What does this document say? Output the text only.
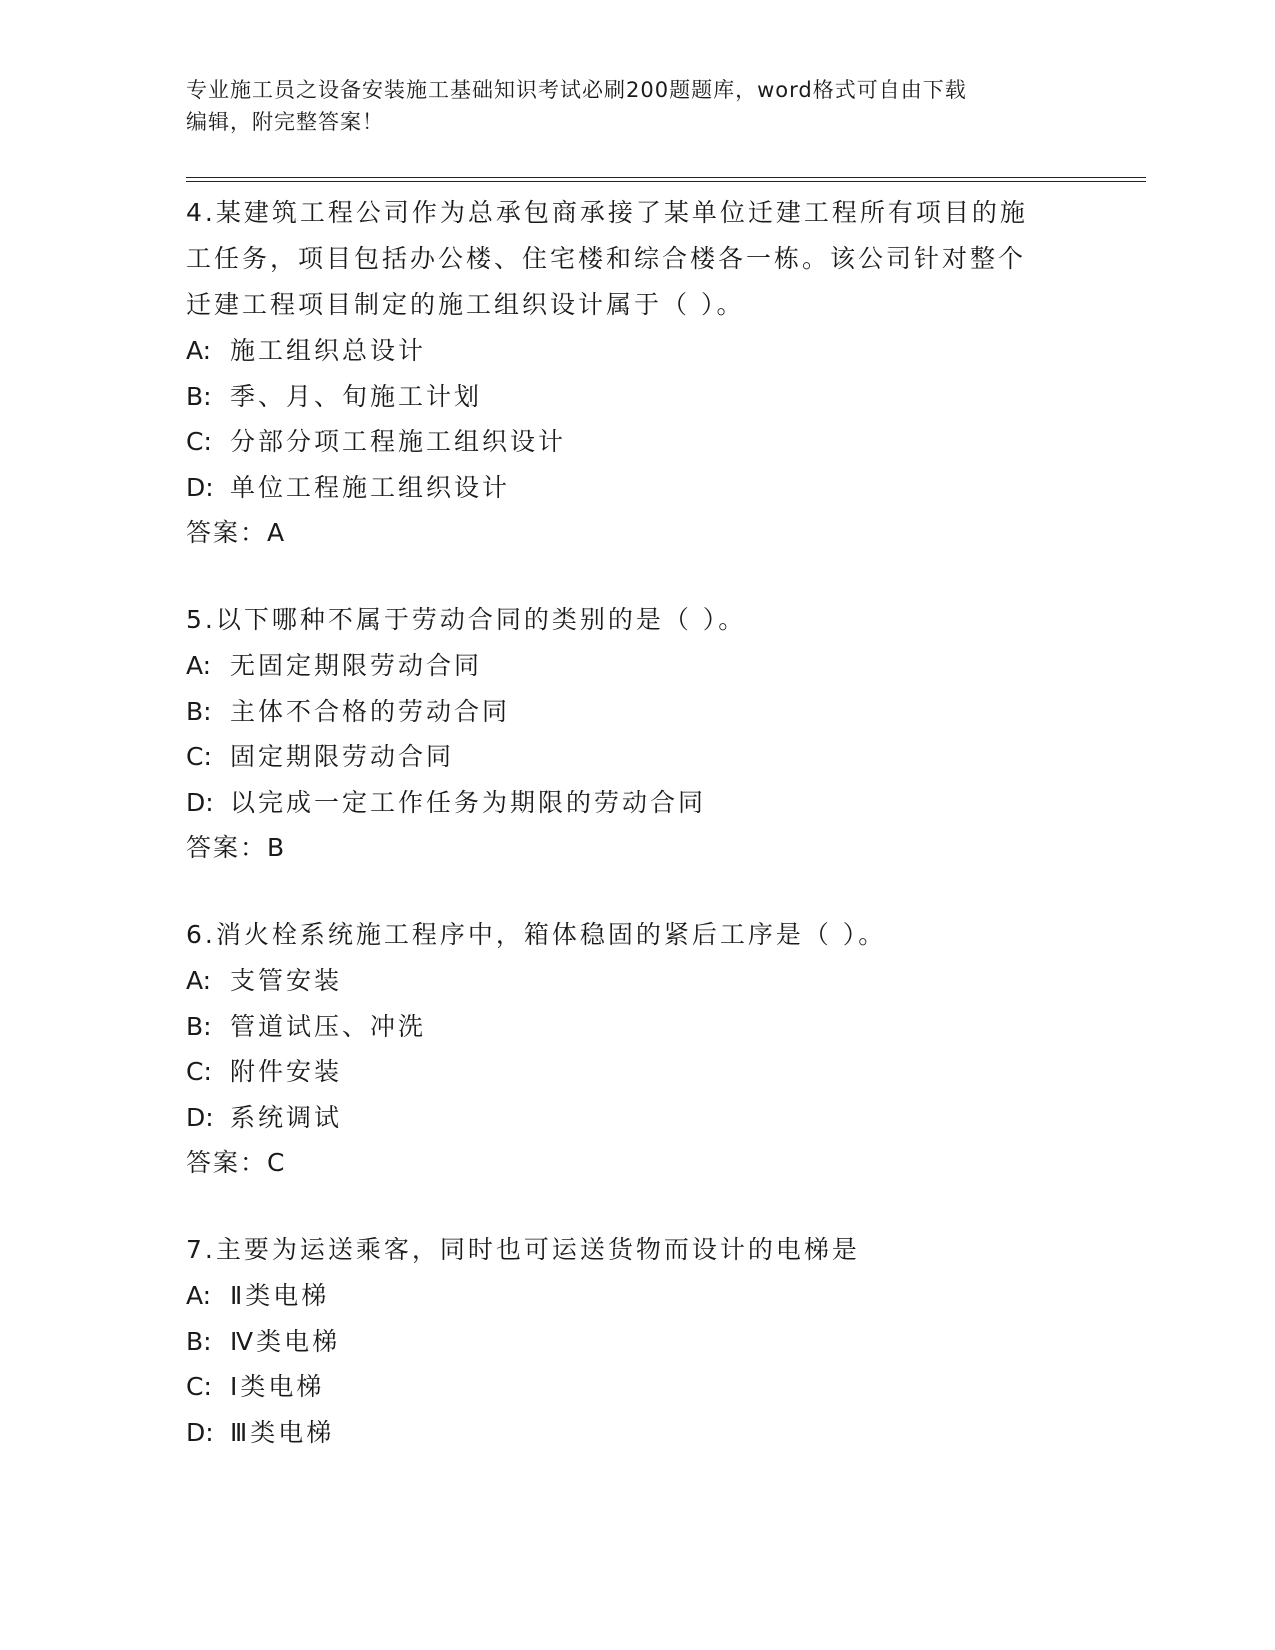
专业施工员之设备安装施工基础知识考试必刷200题题库，word格式可自由下载
编辑，附完整答案！
4.某建筑工程公司作为总承包商承接了某单位迁建工程所有项目的施
工任务，项目包括办公楼、住宅楼和综合楼各一栋。该公司针对整个
迁建工程项目制定的施工组织设计属于（ ）。
A: 施工组织总设计
B: 季、月、旬施工计划
C: 分部分项工程施工组织设计
D: 单位工程施工组织设计
答案：A
5.以下哪种不属于劳动合同的类别的是（ ）。
A: 无固定期限劳动合同
B: 主体不合格的劳动合同
C: 固定期限劳动合同
D: 以完成一定工作任务为期限的劳动合同
答案：B
6.消火栓系统施工程序中，箱体稳固的紧后工序是（ ）。
A: 支管安装
B: 管道试压、冲洗
C: 附件安装
D: 系统调试
答案：C
7.主要为运送乘客，同时也可运送货物而设计的电梯是
A: Ⅱ类电梯
B: Ⅳ类电梯
C: Ⅰ类电梯
D: Ⅲ类电梯
